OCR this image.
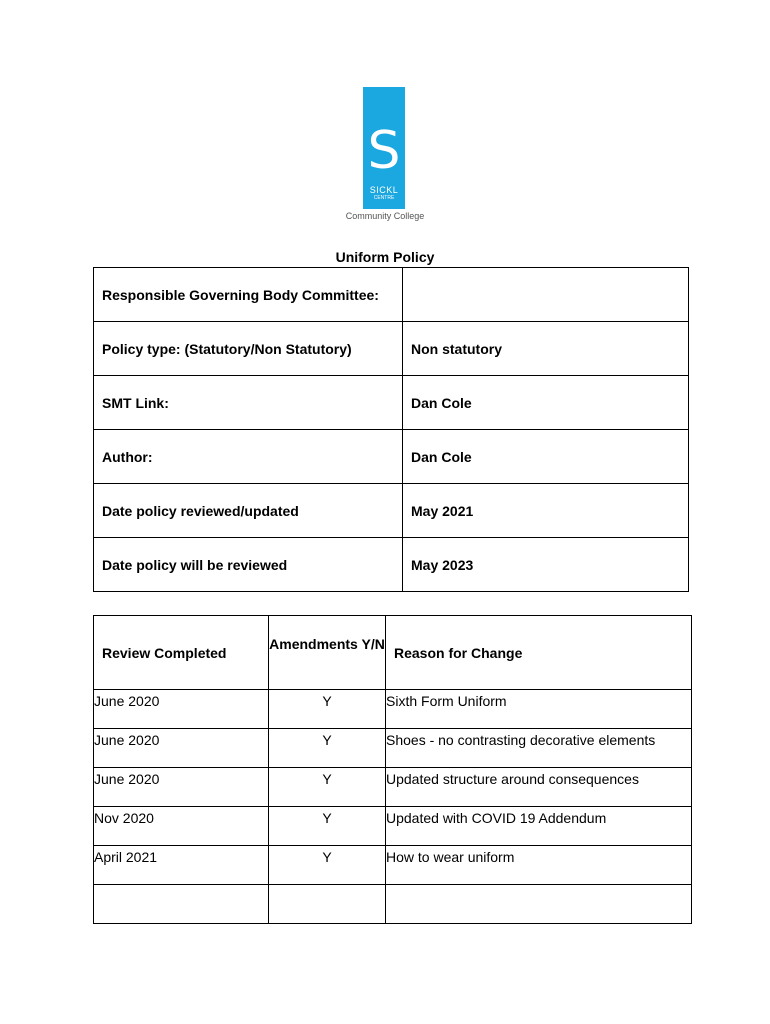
S
SICKL
CENTRE
Community College
Uniform Policy
Responsible Governing Body Committee:	
Policy type: (Statutory/Non Statutory)	Non statutory
SMT Link:	Dan Cole
Author:	Dan Cole
Date policy reviewed/updated	May 2021
Date policy will be reviewed	May 2023
Review Completed	Amendments Y/N	Reason for Change
June 2020	Y	Sixth Form Uniform
June 2020	Y	Shoes - no contrasting decorative elements
June 2020	Y	Updated structure around consequences
Nov 2020	Y	Updated with COVID 19 Addendum
April 2021	Y	How to wear uniform
